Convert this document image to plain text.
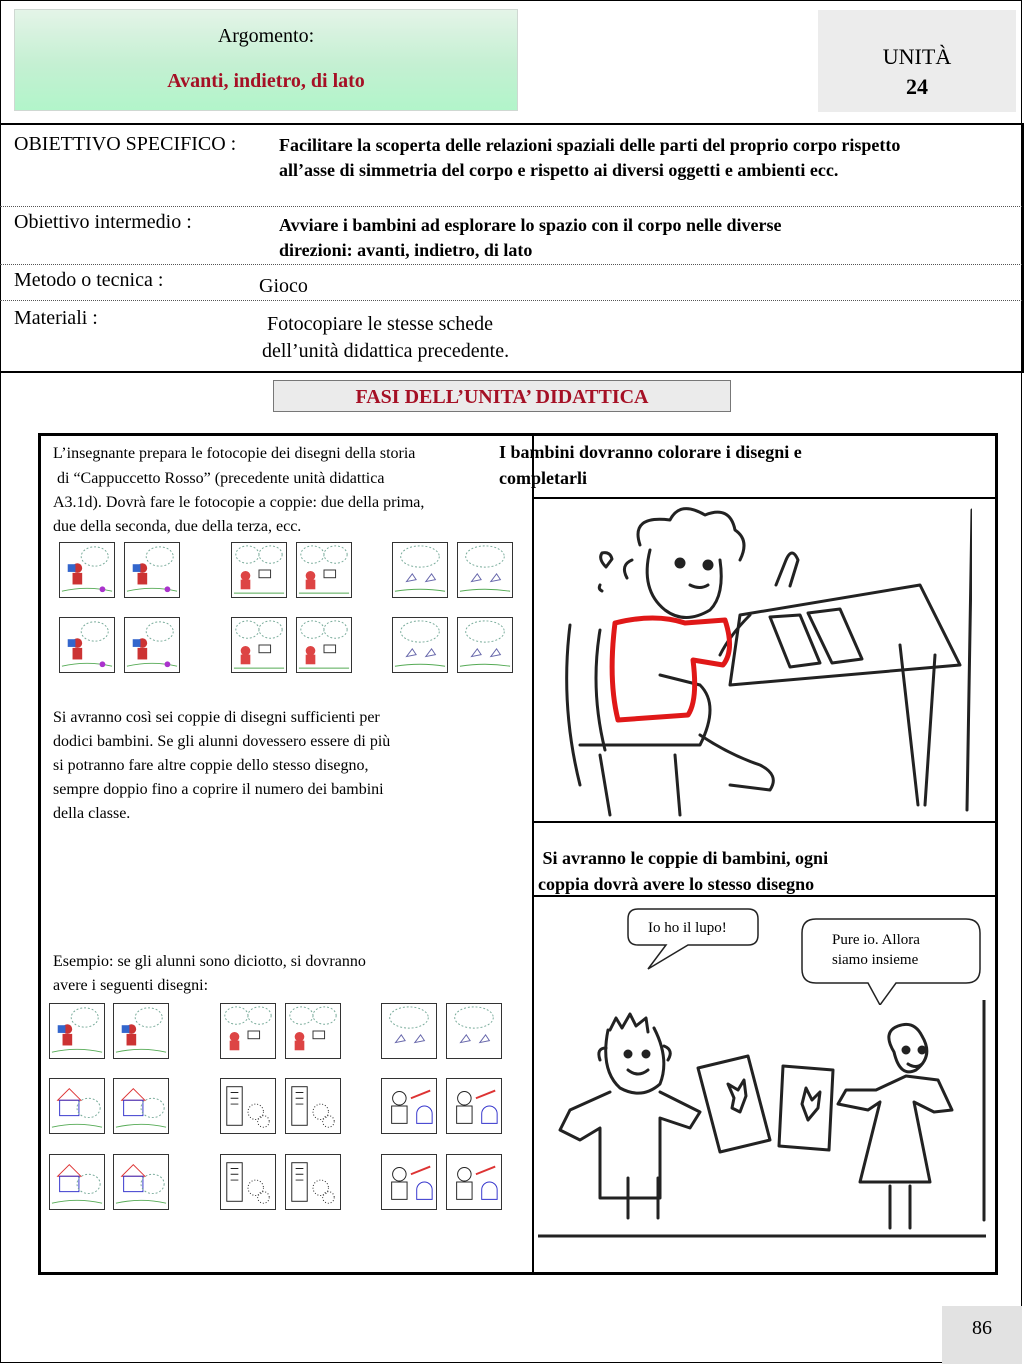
Argomento:
Avanti, indietro, di lato
UNITÀ
24
OBIETTIVO SPECIFICO : Facilitare la scoperta delle relazioni spaziali delle parti del proprio corpo rispetto
all’asse di simmetria del corpo e rispetto ai diversi oggetti e ambienti ecc.
Obiettivo intermedio :	Avviare i bambini ad esplorare lo spazio con il corpo nelle diverse
direzioni: avanti, indietro, di lato
Metodo o tecnica :	Gioco
Materiali :	Fotocopiare le stesse schede
dell’unità didattica precedente.
FASI DELL’UNITA’ DIDATTICA
L’insegnante prepara le fotocopie dei disegni della storia
di “Cappuccetto Rosso” (precedente unità didattica
A3.1d). Dovrà fare le fotocopie a coppie: due della prima,
due della seconda, due della terza, ecc.
Si avranno così sei coppie di disegni sufficienti per
dodici bambini. Se gli alunni dovessero essere di più
si potranno fare altre coppie dello stesso disegno,
sempre doppio fino a coprire il numero dei bambini
della classe.
Esempio: se gli alunni sono diciotto, si dovranno
avere i seguenti disegni:
I bambini dovranno colorare i disegni e
completarli
Si avranno le coppie di bambini, ogni
coppia dovrà avere lo stesso disegno
Io ho il lupo!
Pure io. Allora
siamo insieme
86
